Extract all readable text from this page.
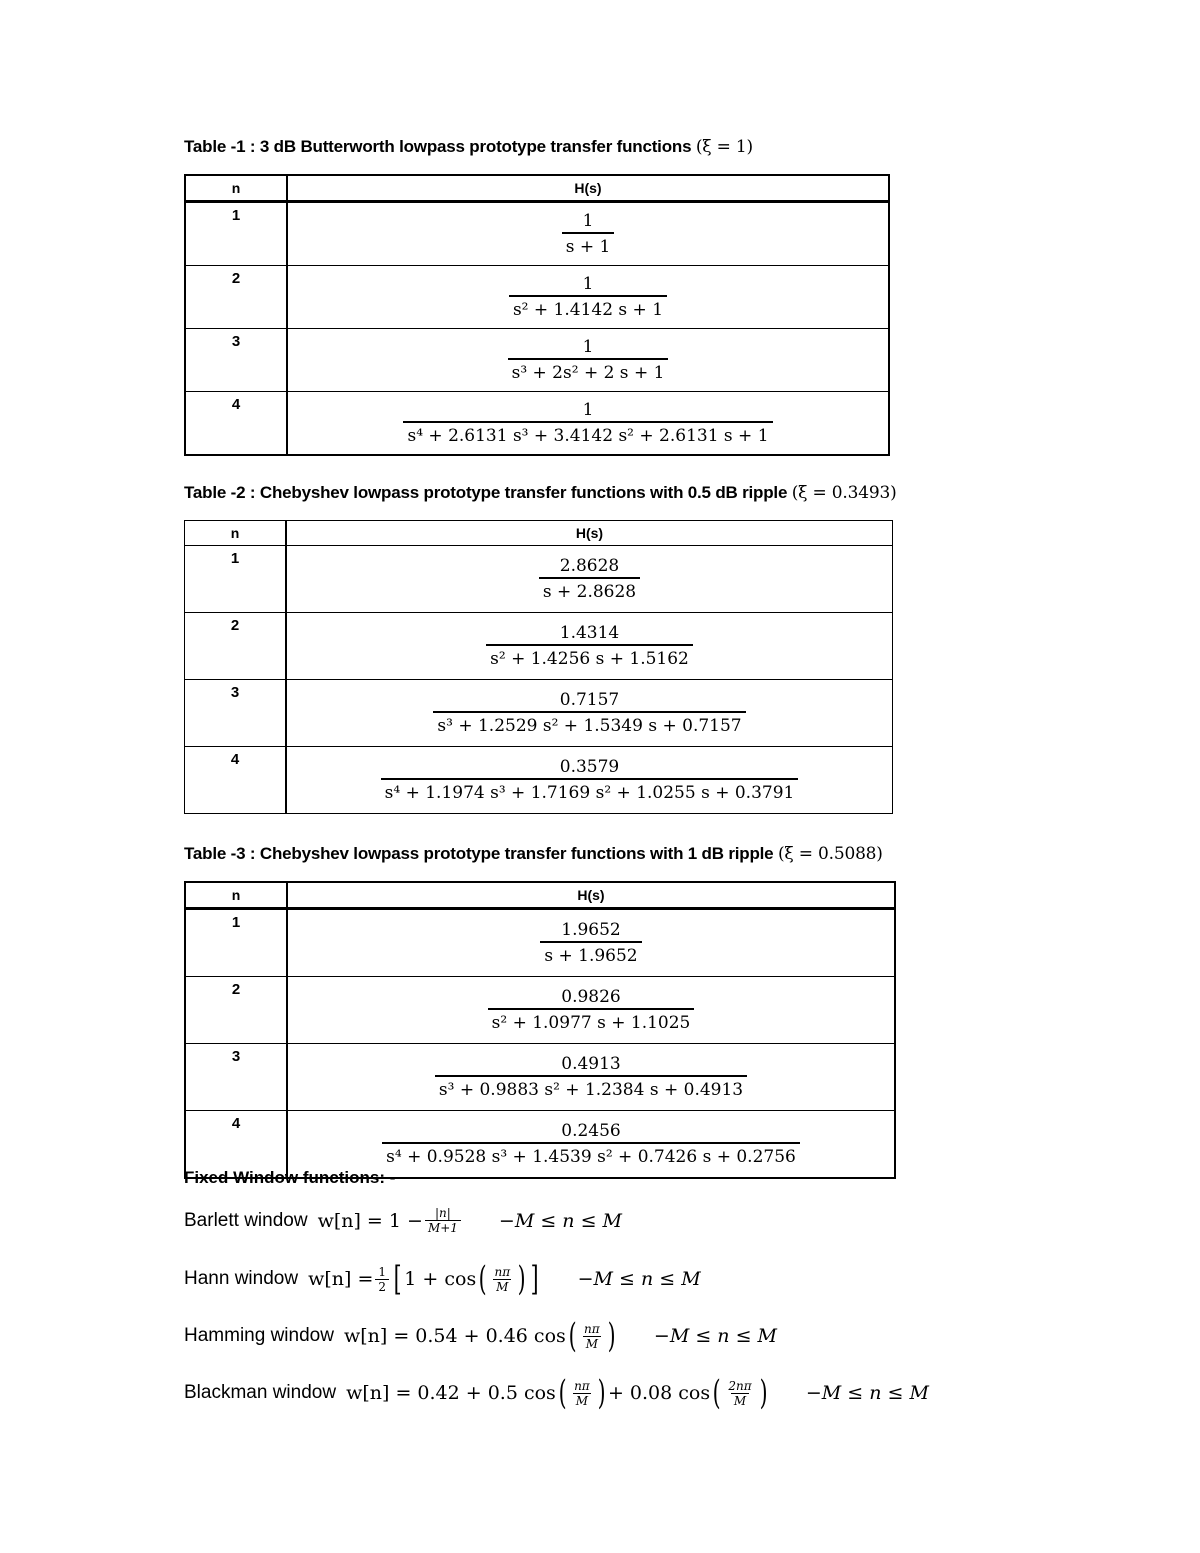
Table -1 : 3 dB Butterworth lowpass prototype transfer functions (ξ = 1)
n	H(s)
1	$\frac{1}{s + 1}$

2	$\frac{1}{\text{s² + 1.4142 s + 1}}$

3	$\frac{1}{\text{s³ + 2s² + 2 s + 1}}$

4	$\frac{1}{\text{s⁴ + 2.6131 s³ + 3.4142 s² + 2.6131 s + 1}}$
Table -2 : Chebyshev lowpass prototype transfer functions with 0.5 dB ripple (ξ = 0.3493)
n	H(s)
1	$\frac{2.8628}{s + 2.8628}$

2	$\frac{1.4314}{\text{s² + 1.4256 s + 1.5162}}$

3	$\frac{0.7157}{\text{s³ + 1.2529 s² + 1.5349 s + 0.7157}}$

4	$\frac{0.3579}{\text{s⁴ + 1.1974 s³ + 1.7169 s² + 1.0255 s + 0.3791}}$
Table -3 : Chebyshev lowpass prototype transfer functions with 1 dB ripple (ξ = 0.5088)
n	H(s)
1	$\frac{1.9652}{s + 1.9652}$

2	$\frac{0.9826}{\text{s² + 1.0977 s + 1.1025}}$

3	$\frac{0.4913}{\text{s³ + 0.9883 s² + 1.2384 s + 0.4913}}$

4	$\frac{0.2456}{\text{s⁴ + 0.9528 s³ + 1.4539 s² + 0.7426 s + 0.2756}}$
Fixed Window functions: -
Barlett window $w[n] = 1 - \frac{|n|}{M+1} -M \le n \le M$
Hann window $w[n] = \frac{1}{2}$ [ 1 + cos ( $\frac{n\pi}{M}$ ) ] −M ≤ n ≤ M
Hamming window w[n] = 0.54 + 0.46 cos ( $\frac{n\pi}{M}$ ) −M ≤ n ≤ M
Blackman window w[n] = 0.42 + 0.5 cos ( $\frac{n\pi}{M}$ ) + 0.08 cos ( $\frac{2n\pi}{M}$ ) −M ≤ n ≤ M
